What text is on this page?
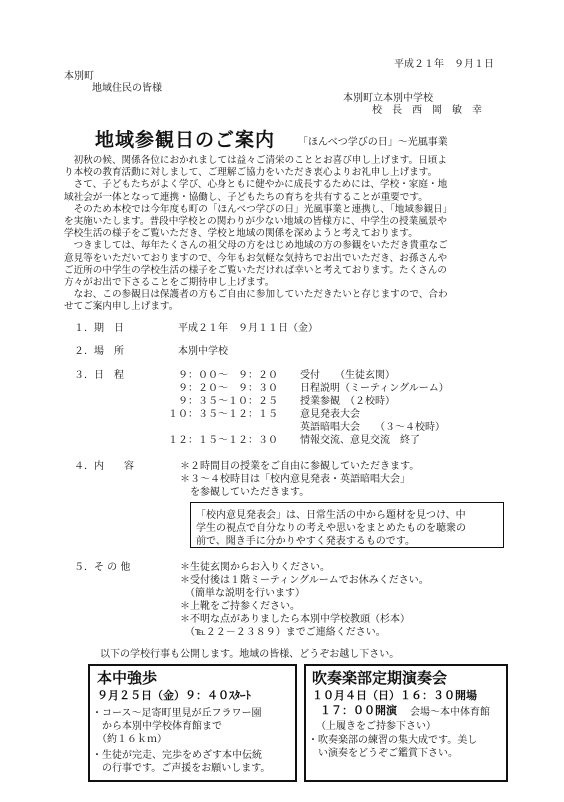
平成２１年　９月１日
本別町
地域住民の皆様
本別町立本別中学校
校　長　西　岡　敏　幸
地域参観日のご案内 「ほんべつ学びの日」～光風事業

　初秋の候、関係各位におかれましては益々ご清栄のこととお喜び申し上げます。日頃よ

り本校の教育活動に対しまして、ご理解ご協力をいただき衷心よりお礼申し上げます。

　さて、子どもたちがよく学び、心身ともに健やかに成長するためには、学校・家庭・地

域社会が一体となって連携・協働し、子どもたちの育ちを共有することが重要です。

　そのため本校では今年度も町の「ほんべつ学びの日」光風事業と連携し、「地域参観日」

を実施いたします。普段中学校との関わりが少ない地域の皆様方に、中学生の授業風景や

学校生活の様子をご覧いただき、学校と地域の関係を深めようと考えております。

　つきましては、毎年たくさんの祖父母の方をはじめ地域の方の参観をいただき貴重なご

意見等をいただいておりますので、今年もお気軽な気持ちでお出でいただき、お孫さんや

ご近所の中学生の学校生活の様子をご覧いただければ幸いと考えております。たくさんの

方々がお出で下さることをご期待申し上げます。

　なお、この参観日は保護者の方もご自由に参加していただきたいと存じますので、合わ

せてご案内申し上げます。

１．期　日	平成２１年　９月１１日（金）
２．場　所	本別中学校
３．日　程	９：００～　９：２０ 受付　　（生徒玄関）
９：２０～　９：３０ 日程説明（ミーティングルーム）
９：３５～１０：２５ 授業参観　（２校時）
１０：３５～１２：１５ 意見発表大会
英語暗唱大会　　（３～４校時）
１２：１５～１２：３０ 情報交流、意見交流　終了
４．内　　容	＊２時間目の授業をご自由に参観していただきます。
＊３～４校時目は「校内意見発表・英語暗唱大会」
　を参観していただきます。
「校内意見発表会」は、日常生活の中から題材を見つけ、中
学生の視点で自分なりの考えや思いをまとめたものを聴衆の
前で、聞き手に分かりやすく発表するものです。
５．そ の 他	＊生徒玄関からお入りください。
＊受付後は１階ミーティングルームでお休みください。
　（簡単な説明を行います）
＊上靴をご持参ください。
＊不明な点がありましたら本別中学校教頭（杉本）
　（℡２２－２３８９）までご連絡ください。
以下の学校行事も公開します。地域の皆様、どうぞお越し下さい。
本中強歩
９月２５日（金）９：４０ｽﾀｰﾄ
・コース～足寄町里見が丘フラワー園
　から本別中学校体育館まで
　（約１６ｋｍ）
・生徒が完走、完歩をめざす本中伝統
　の行事です。ご声援をお願いします。
吹奏楽部定期演奏会
１０月４日（日）１６：３０開場
１７：００開演 会場～本中体育館
（上履きをご持参下さい）
・吹奏楽部の練習の集大成です。美し
　い演奏をどうぞご鑑賞下さい。
